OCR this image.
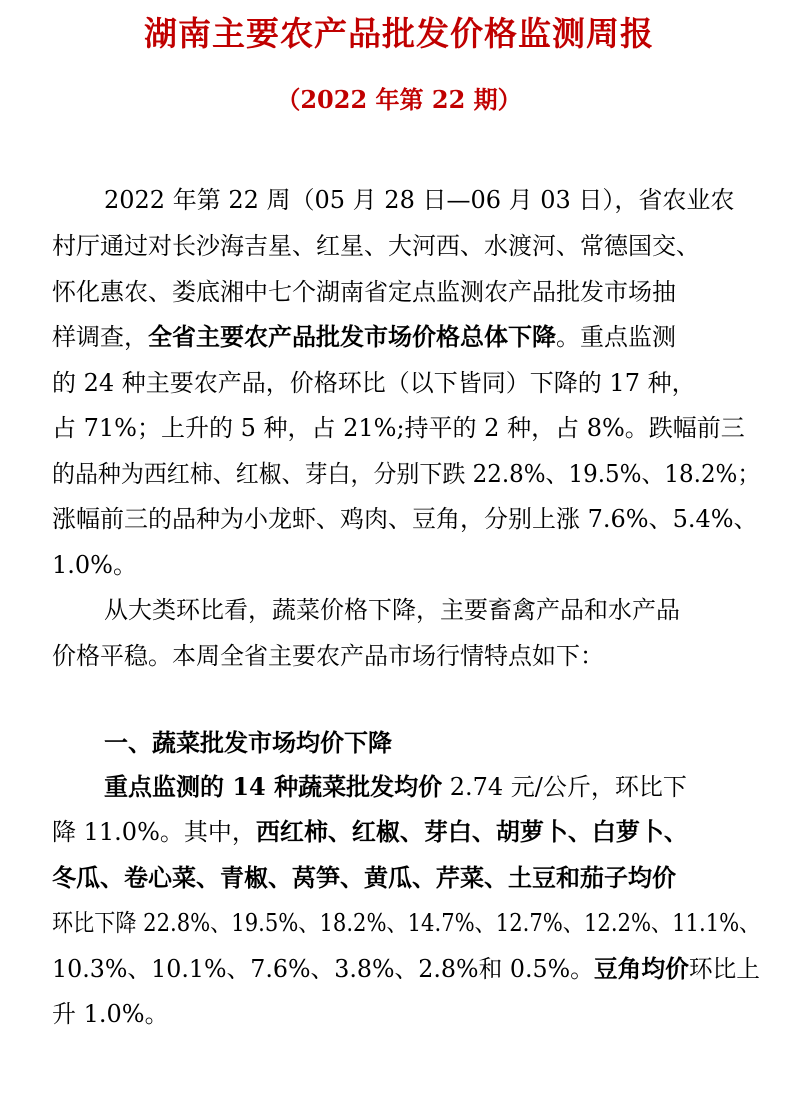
湖南主要农产品批发价格监测周报
（2022 年第 22 期）
2022 年第 22 周（05 月 28 日—06 月 03 日），省农业农
村厅通过对长沙海吉星、红星、大河西、水渡河、常德国交、
怀化惠农、娄底湘中七个湖南省定点监测农产品批发市场抽
样调查，全省主要农产品批发市场价格总体下降。重点监测
的 24 种主要农产品，价格环比（以下皆同）下降的 17 种，
占 71%；上升的 5 种，占 21%;持平的 2 种，占 8%。跌幅前三
的品种为西红柿、红椒、芽白，分别下跌 22.8%、19.5%、18.2%；
涨幅前三的品种为小龙虾、鸡肉、豆角，分别上涨 7.6%、5.4%、
1.0%。
从大类环比看，蔬菜价格下降，主要畜禽产品和水产品
价格平稳。本周全省主要农产品市场行情特点如下：
一、蔬菜批发市场均价下降
重点监测的 14 种蔬菜批发均价 2.74 元/公斤，环比下
降 11.0%。其中，西红柿、红椒、芽白、胡萝卜、白萝卜、
冬瓜、卷心菜、青椒、莴笋、黄瓜、芹菜、土豆和茄子均价
环比下降 22.8%、19.5%、18.2%、14.7%、12.7%、12.2%、11.1%、
10.3%、10.1%、7.6%、3.8%、2.8%和 0.5%。豆角均价环比上
升 1.0%。
